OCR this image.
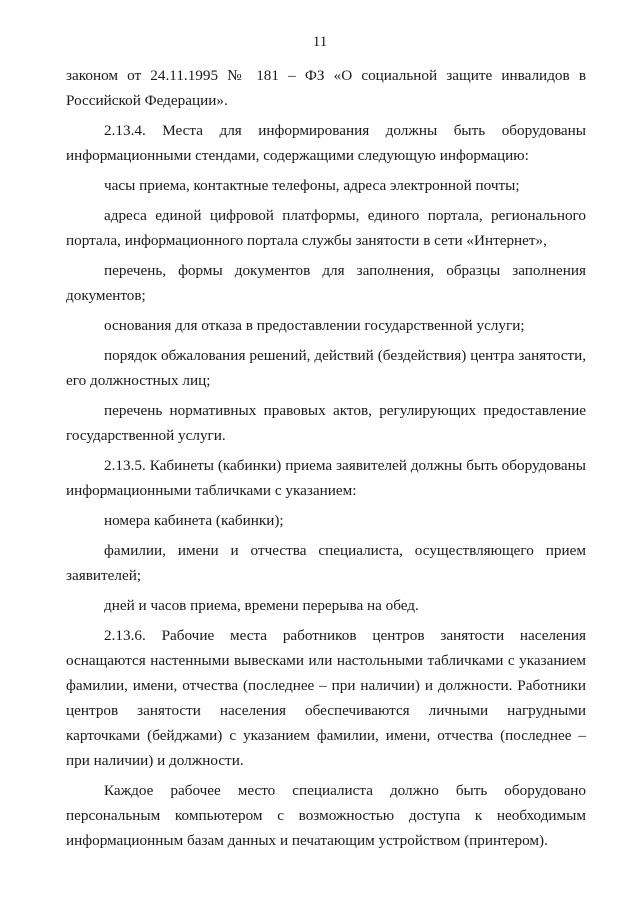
11

законом от 24.11.1995 № 181 – ФЗ «О социальной защите инвалидов в Российской Федерации».

2.13.4. Места для информирования должны быть оборудованы информационными стендами, содержащими следующую информацию:

часы приема, контактные телефоны, адреса электронной почты;

адреса единой цифровой платформы, единого портала, регионального портала, информационного портала службы занятости в сети «Интернет»,

перечень, формы документов для заполнения, образцы заполнения документов;

основания для отказа в предоставлении государственной услуги;

порядок обжалования решений, действий (бездействия) центра занятости, его должностных лиц;

перечень нормативных правовых актов, регулирующих предоставление государственной услуги.

2.13.5. Кабинеты (кабинки) приема заявителей должны быть оборудованы информационными табличками с указанием:

номера кабинета (кабинки);

фамилии, имени и отчества специалиста, осуществляющего прием заявителей;

дней и часов приема, времени перерыва на обед.

2.13.6. Рабочие места работников центров занятости населения оснащаются настенными вывесками или настольными табличками с указанием фамилии, имени, отчества (последнее – при наличии) и должности. Работники центров занятости населения обеспечиваются личными нагрудными карточками (бейджами) с указанием фамилии, имени, отчества (последнее – при наличии) и должности.

Каждое рабочее место специалиста должно быть оборудовано персональным компьютером с возможностью доступа к необходимым информационным базам данных и печатающим устройством (принтером).
